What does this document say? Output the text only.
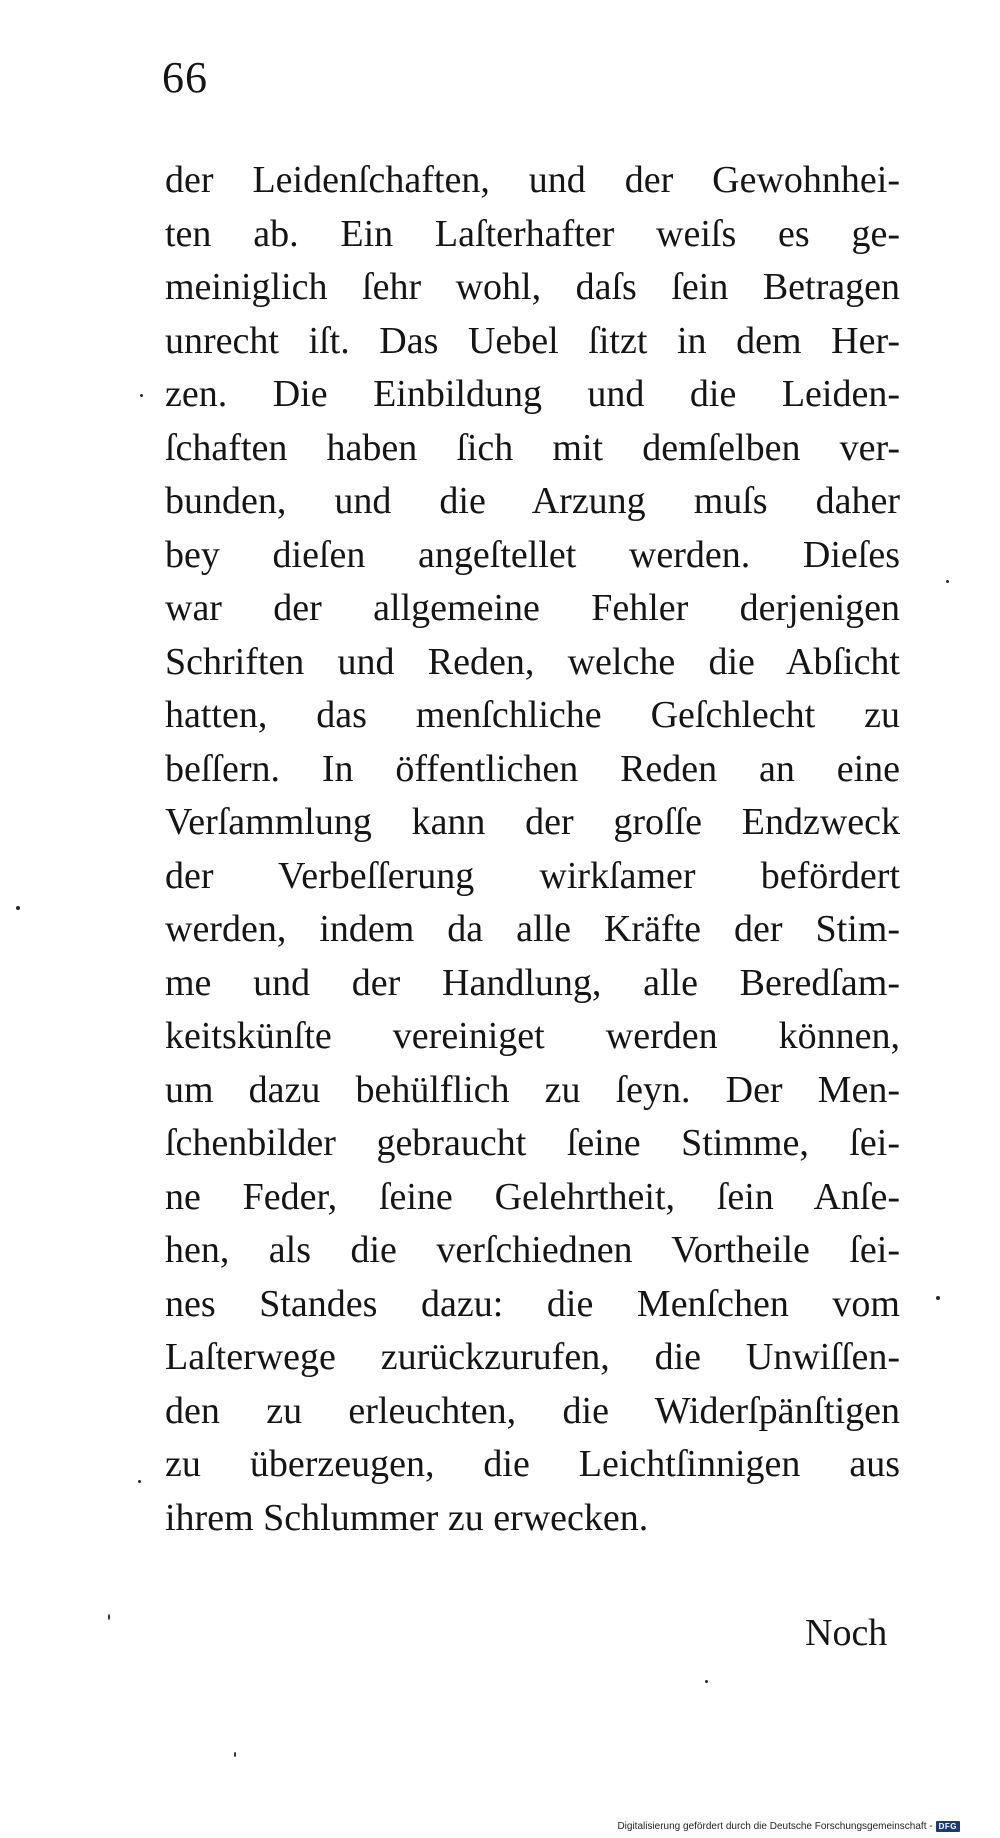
66
der Leidenſchaften, und der Gewohnhei-
ten ab. Ein Laſterhafter weiſs es ge-
meiniglich ſehr wohl, daſs ſein Betragen
unrecht iſt. Das Uebel ſitzt in dem Her-
zen. Die Einbildung und die Leiden-
ſchaften haben ſich mit demſelben ver-
bunden, und die Arzung muſs daher
bey dieſen angeſtellet werden. Dieſes
war der allgemeine Fehler derjenigen
Schriften und Reden, welche die Abſicht
hatten, das menſchliche Geſchlecht zu
beſſern. In öffentlichen Reden an eine
Verſammlung kann der groſſe Endzweck
der Verbeſſerung wirkſamer befördert
werden, indem da alle Kräfte der Stim-
me und der Handlung, alle Beredſam-
keitskünſte vereiniget werden können,
um dazu behülflich zu ſeyn. Der Men-
ſchenbilder gebraucht ſeine Stimme, ſei-
ne Feder, ſeine Gelehrtheit, ſein Anſe-
hen, als die verſchiednen Vortheile ſei-
nes Standes dazu: die Menſchen vom
Laſterwege zurückzurufen, die Unwiſſen-
den zu erleuchten, die Widerſpänſtigen
zu überzeugen, die Leichtſinnigen aus
ihrem Schlummer zu erwecken.
Noch
Digitalisierung gefördert durch die Deutsche Forschungsgemeinschaft - DFG
